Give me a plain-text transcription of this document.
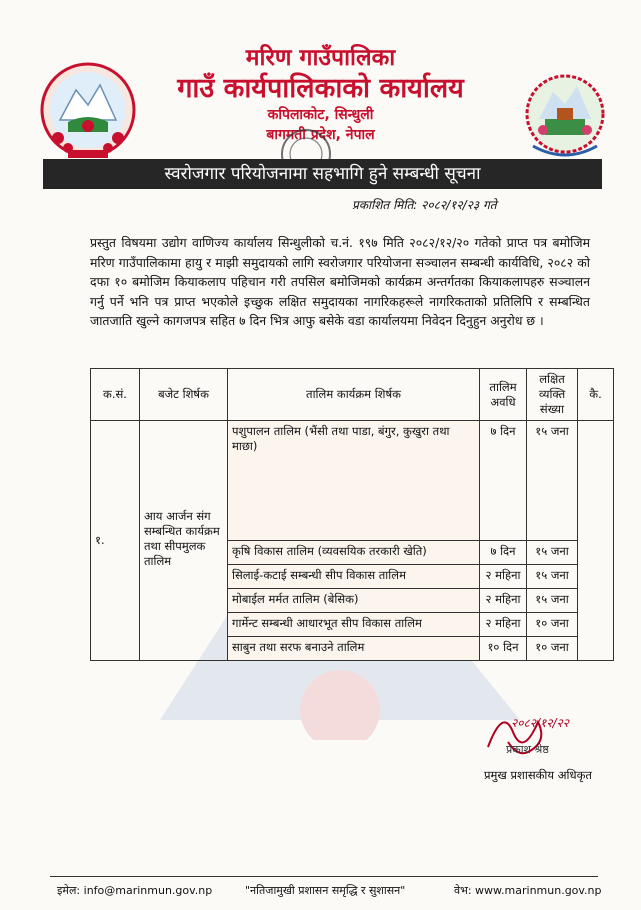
मरिण गाउँपालिका
गाउँ कार्यपालिकाको कार्यालय
कपिलाकोट, सिन्धुली
बागमती प्रदेश, नेपाल
स्वरोजगार परियोजनामा सहभागि हुने सम्बन्धी सूचना
प्रकाशित मिति: २०८२/१२/२३ गते
प्रस्तुत विषयमा उद्योग वाणिज्य कार्यालय सिन्धुलीको च.नं. १९७ मिति २०८२/१२/२० गतेको प्राप्त पत्र बमोजिम मरिण गाउँपालिकामा हायु र माझी समुदायको लागि स्वरोजगार परियोजना सञ्चालन सम्बन्धी कार्यविधि, २०८२ को दफा १० बमोजिम कियाकलाप पहिचान गरी तपसिल बमोजिमको कार्यक्रम अन्तर्गतका कियाकलापहरु सञ्चालन गर्नु पर्ने भनि पत्र प्राप्त भएकोले इच्छुक लक्षित समुदायका नागरिकहरूले नागरिकताको प्रतिलिपि र सम्बन्धित जातजाति खुल्ने कागजपत्र सहित ७ दिन भित्र आफु बसेके वडा कार्यालयमा निवेदन दिनुहुन अनुरोध छ ।
क.सं.	बजेट शिर्षक	तालिम कार्यक्रम शिर्षक	तालिम अवधि	लक्षित व्यक्ति संख्या	कै.
१.	आय आर्जन संग सम्बन्धित कार्यक्रम तथा सीपमुलक तालिम	पशुपालन तालिम (भैंसी तथा पाडा, बंगुर, कुखुरा तथा माछा)	७ दिन	१५ जना	
		कृषि विकास तालिम (व्यवसयिक तरकारी खेति)	७ दिन	१५ जना	
		सिलाई-कटाई सम्बन्धी सीप विकास तालिम	२ महिना	१५ जना	
		मोबाईल मर्मत तालिम (बेसिक)	२ महिना	१५ जना	
		गार्मेन्ट सम्बन्धी आधारभूत सीप विकास तालिम	२ महिना	१० जना	
		साबुन तथा सरफ बनाउने तालिम	१० दिन	१० जना	
२०८२/१२/२२
प्रकाश श्रेष्ठ
प्रमुख प्रशासकीय अधिकृत
इमेल: info@marinmun.gov.np	"नतिजामुखी प्रशासन समृद्धि र सुशासन"	वेभ: www.marinmun.gov.np
